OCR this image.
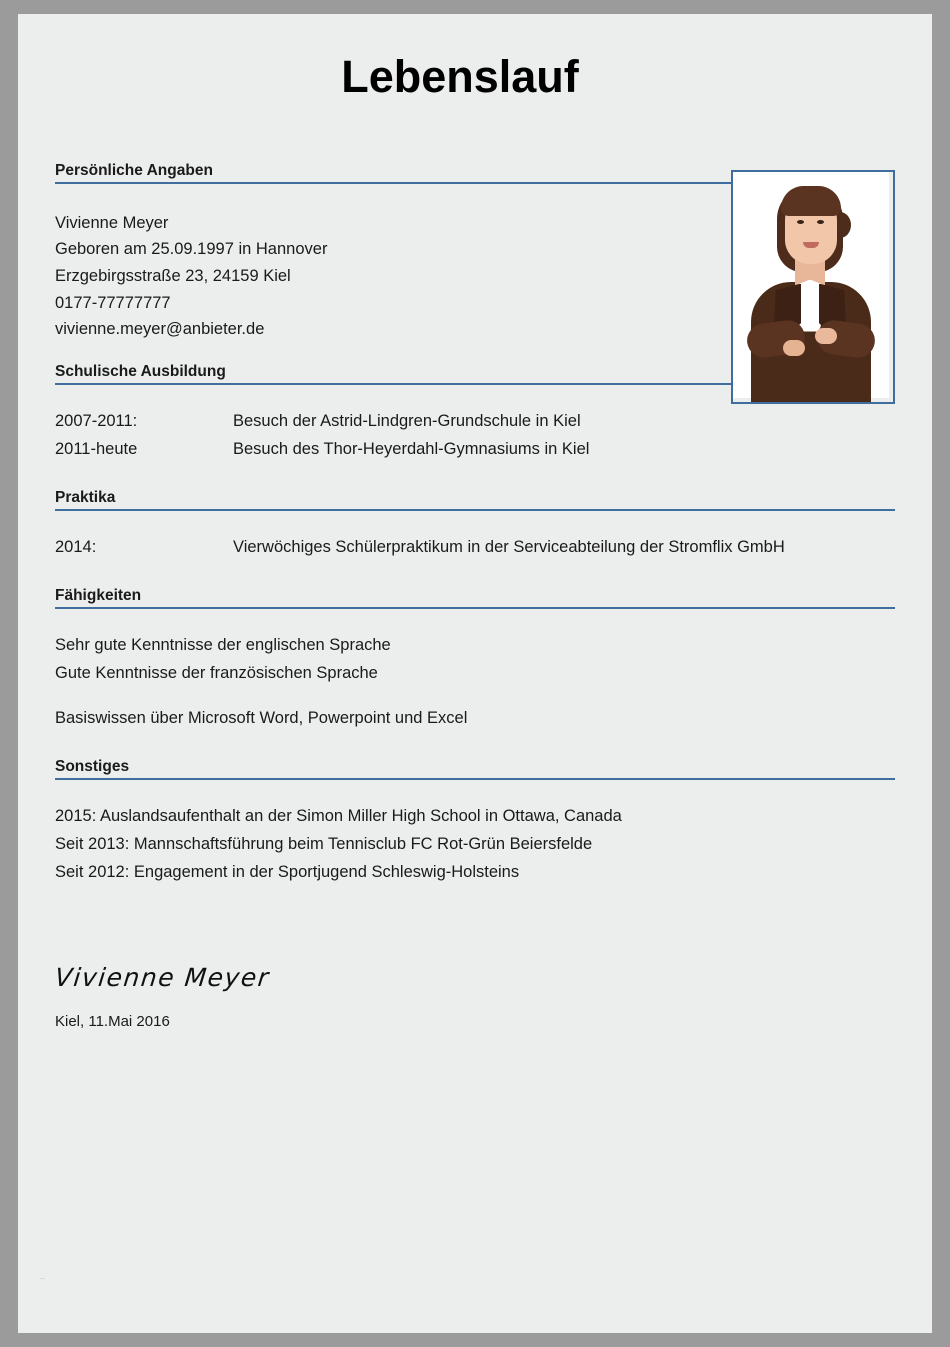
Lebenslauf
Persönliche Angaben
Vivienne Meyer
Geboren am 25.09.1997 in Hannover
Erzgebirgsstraße 23, 24159 Kiel
0177-77777777
vivienne.meyer@anbieter.de
Schulische Ausbildung
2007-2011:	Besuch der Astrid-Lindgren-Grundschule in Kiel
2011-heute	Besuch des Thor-Heyerdahl-Gymnasiums in Kiel
Praktika
2014:	Vierwöchiges Schülerpraktikum in der Serviceabteilung der Stromflix GmbH
Fähigkeiten
Sehr gute Kenntnisse der englischen Sprache
Gute Kenntnisse der französischen Sprache
Basiswissen über Microsoft Word, Powerpoint und Excel
Sonstiges
2015: Auslandsaufenthalt an der Simon Miller High School in Ottawa, Canada
Seit 2013: Mannschaftsführung beim Tennisclub FC Rot-Grün Beiersfelde
Seit 2012: Engagement in der Sportjugend Schleswig-Holsteins
Vivienne Meyer
Kiel, 11.Mai 2016
..
